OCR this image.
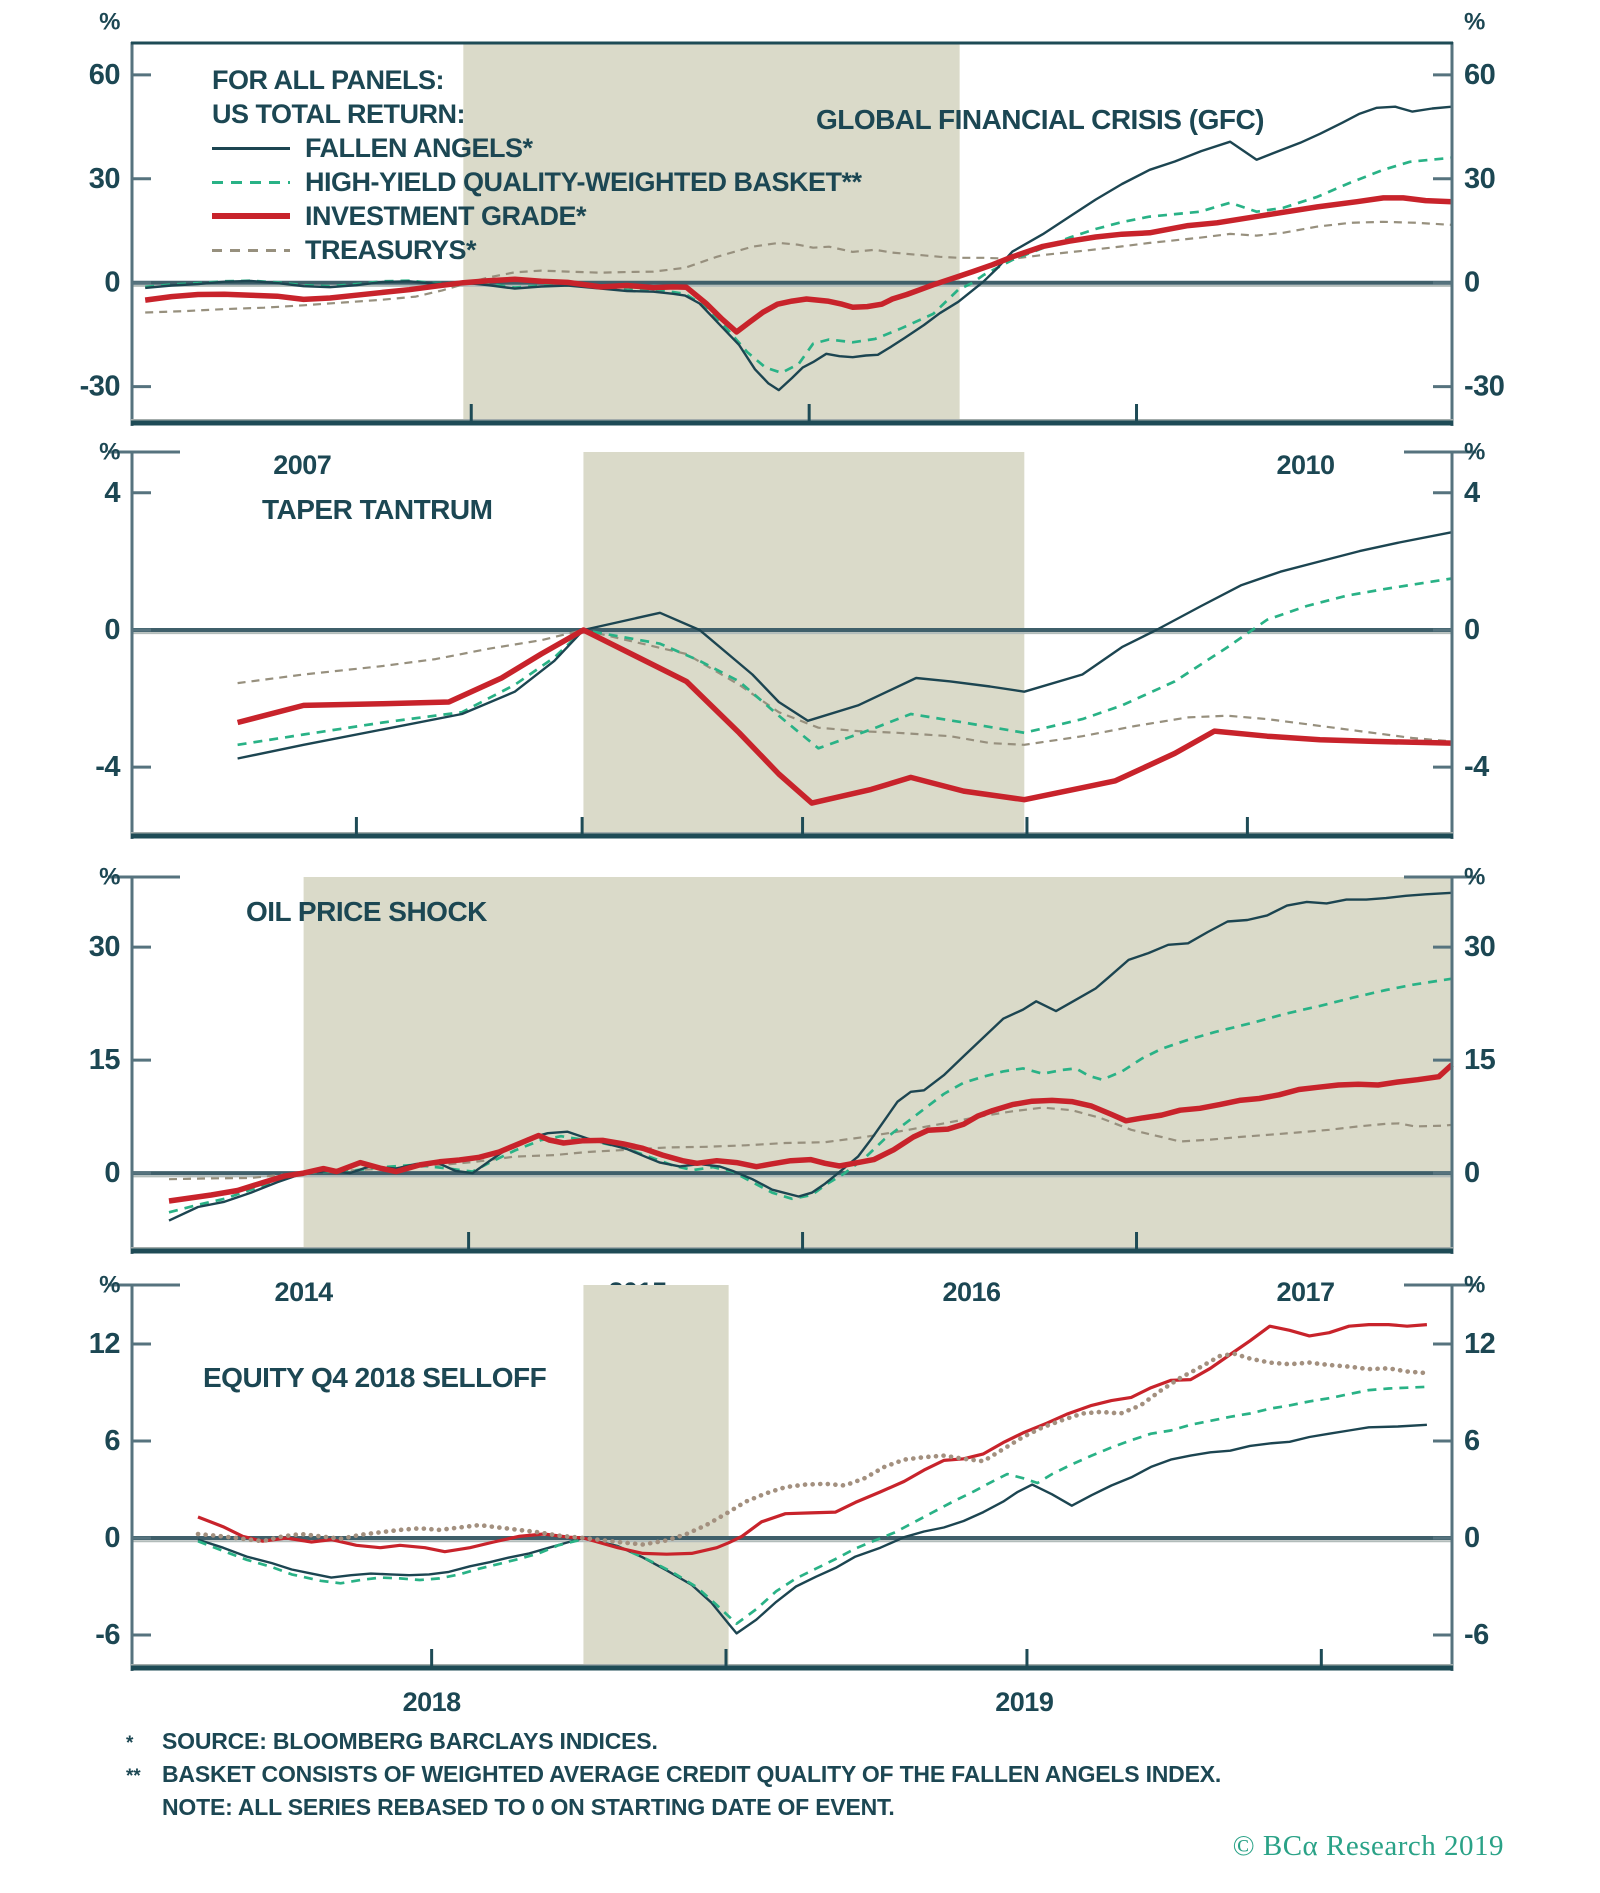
60	60
30	30
0	0
-30	-30
%	%
2007	2010
4	4
0	0
-4	-4
%	%
30	30
15	15
0	0
%	%
2014	2016	2017
12	12
6	6
0	0
-6	-6
%	%
2018	2019
FOR ALL PANELS:
US TOTAL RETURN:
FALLEN ANGELS*
HIGH-YIELD QUALITY-WEIGHTED BASKET**
INVESTMENT GRADE*
TREASURYS*
GLOBAL FINANCIAL CRISIS (GFC)
TAPER TANTRUM
OIL PRICE SHOCK
EQUITY Q4 2018 SELLOFF
*	SOURCE: BLOOMBERG BARCLAYS INDICES.
** BASKET CONSISTS OF WEIGHTED AVERAGE CREDIT QUALITY OF THE FALLEN ANGELS INDEX.
NOTE: ALL SERIES REBASED TO 0 ON STARTING DATE OF EVENT.
© BCα Research 2019
